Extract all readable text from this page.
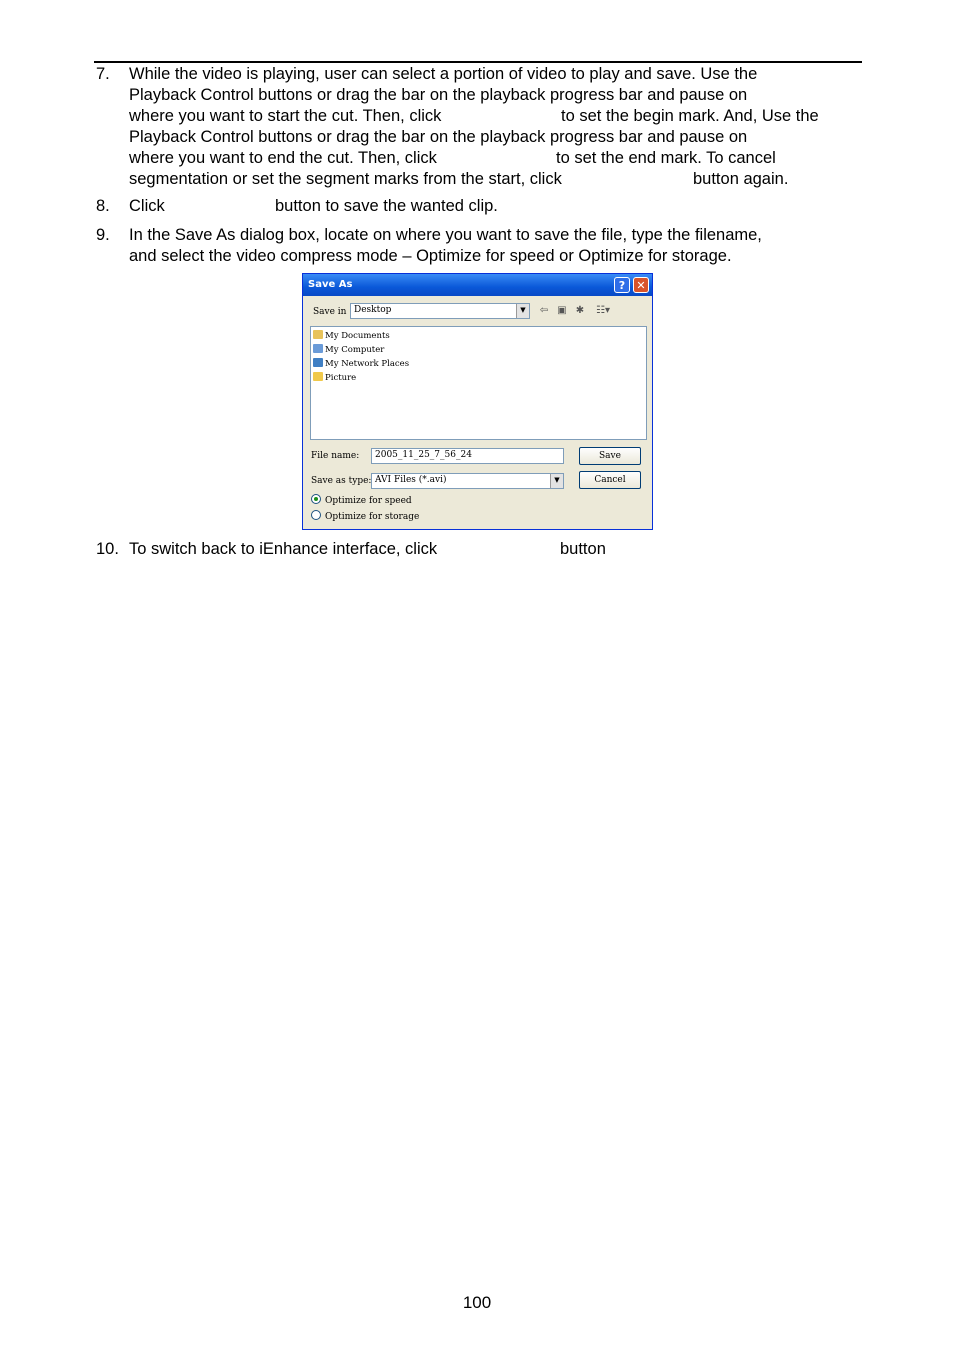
7. While the video is playing, user can select a portion of video to play and save. Use the
Playback Control buttons or drag the bar on the playback progress bar and pause on
where you want to start the cut. Then, click	to set the begin mark. And, Use the
Playback Control buttons or drag the bar on the playback progress bar and pause on
where you want to end the cut. Then, click	to set the end mark. To cancel
segmentation or set the segment marks from the start, click	button again.
8. Click	button to save the wanted clip.
9. In the Save As dialog box, locate on where you want to save the file, type the filename,
and select the video compress mode – Optimize for speed or Optimize for storage.
Save As	?	✕
Save in Desktop	▼	⇦ ▣ ✱	☷▾
My Documents
My Computer
My Network Places
Picture
File name: 2005_11_25_7_56_24	Save
Save as type: AVI Files (*.avi)	▼	Cancel
Optimize for speed
Optimize for storage
10. To switch back to iEnhance interface, click	button
100
